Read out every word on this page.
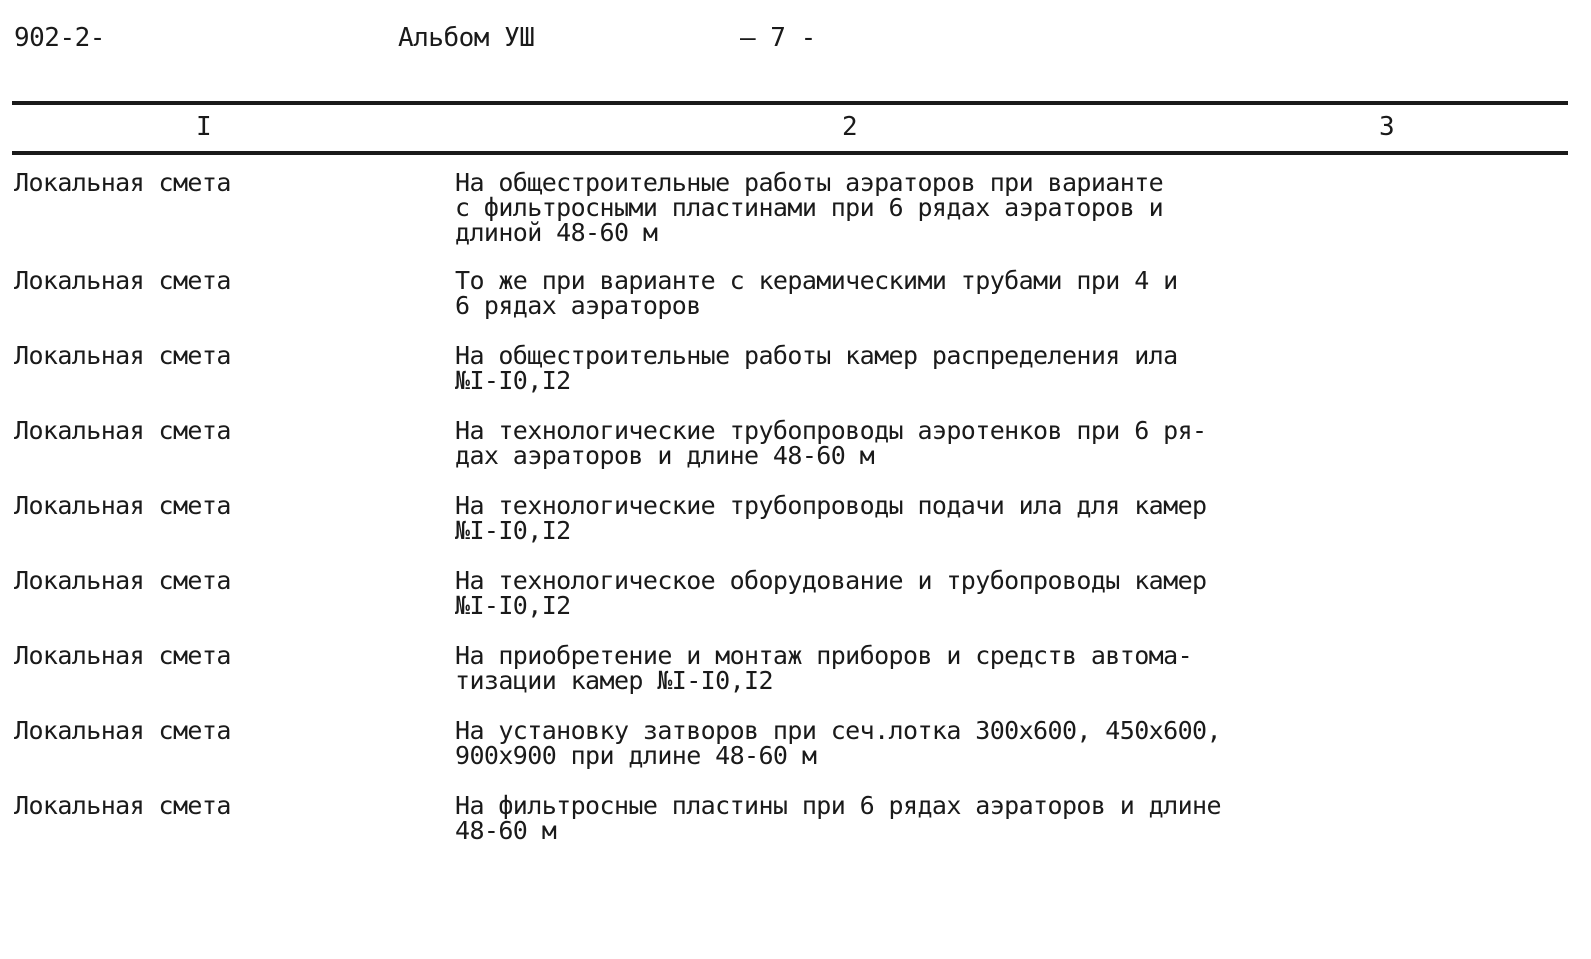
902-2-	Альбом УШ	– 7 -
I	2	3
Локальная смета	На общестроительные работы аэраторов при варианте
с фильтросными пластинами при 6 рядах аэраторов и
длиной 48-60 м
Локальная смета	То же при варианте с керамическими трубами при 4 и
6 рядах аэраторов
Локальная смета	На общестроительные работы камер распределения ила
№I-I0,I2
Локальная смета	На технологические трубопроводы аэротенков при 6 ря-
дах аэраторов и длине 48-60 м
Локальная смета	На технологические трубопроводы подачи ила для камер
№I-I0,I2
Локальная смета	На технологическое оборудование и трубопроводы камер
№I-I0,I2
Локальная смета	На приобретение и монтаж приборов и средств автома-
тизации камер №I-I0,I2
Локальная смета	На установку затворов при сеч.лотка 300х600, 450х600,
900х900 при длине 48-60 м
Локальная смета	На фильтросные пластины при 6 рядах аэраторов и длине
48-60 м
